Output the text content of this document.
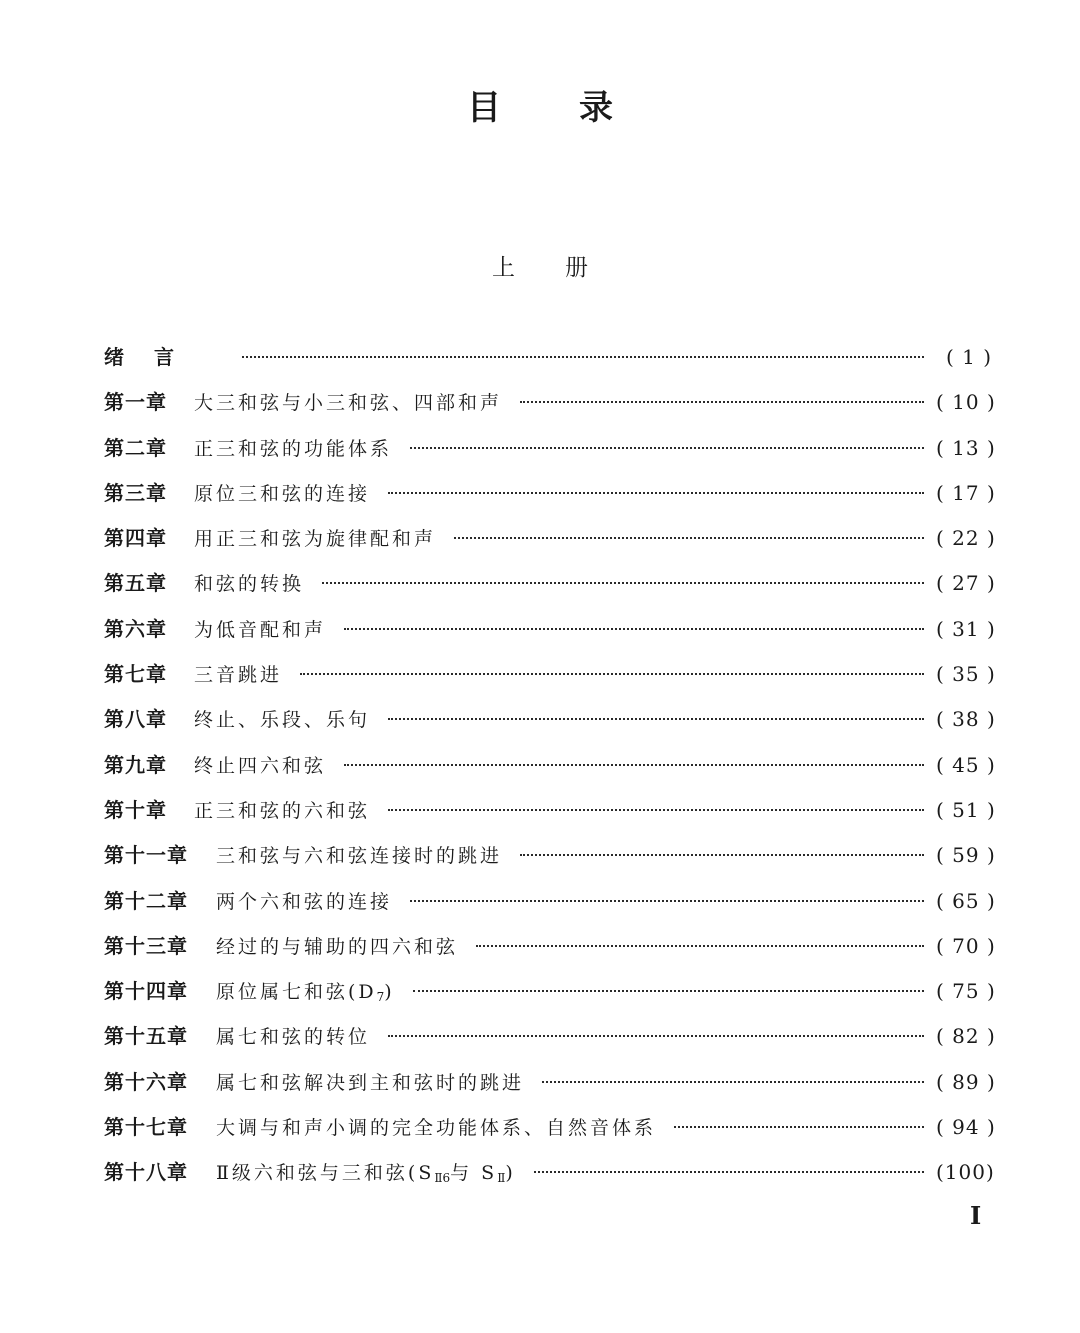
目录
上册
绪言	( 1 )
第一章 大三和弦与小三和弦、四部和声	( 10 )
第二章 正三和弦的功能体系	( 13 )
第三章 原位三和弦的连接	( 17 )
第四章 用正三和弦为旋律配和声	( 22 )
第五章 和弦的转换	( 27 )
第六章 为低音配和声	( 31 )
第七章 三音跳进	( 35 )
第八章 终止、乐段、乐句	( 38 )
第九章 终止四六和弦	( 45 )
第十章 正三和弦的六和弦	( 51 )
第十一章	三和弦与六和弦连接时的跳进	( 59 )
第十二章	两个六和弦的连接	( 65 )
第十三章	经过的与辅助的四六和弦	( 70 )
第十四章	原位属七和弦$(D_7)$	( 75 )
第十五章	属七和弦的转位	( 82 )
第十六章	属七和弦解决到主和弦时的跳进	( 89 )
第十七章	大调与和声小调的完全功能体系、自然音体系	( 94 )
第十八章	Ⅱ级六和弦与三和弦($S_{Ⅱ6}$与 $S_Ⅱ$)	(100)
I
